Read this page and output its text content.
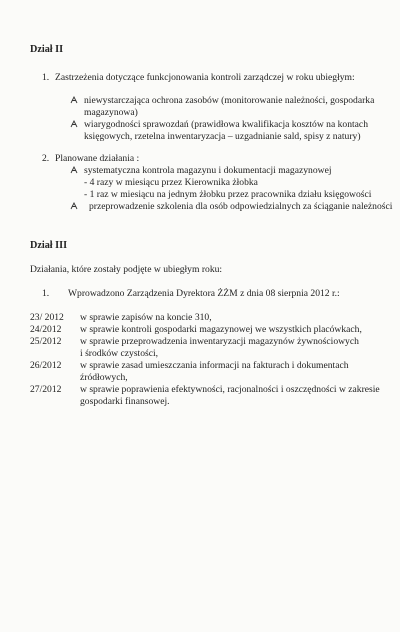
Dział II
1. Zastrzeżenia dotyczące funkcjonowania kontroli zarządczej w roku ubiegłym:
niewystarczająca ochrona zasobów (monitorowanie należności, gospodarka
magazynowa)
wiarygodności sprawozdań (prawidłowa kwalifikacja kosztów na kontach
księgowych, rzetelna inwentaryzacja – uzgadnianie sald, spisy z natury)
2. Planowane działania :
systematyczna kontrola magazynu i dokumentacji magazynowej
- 4 razy w miesiącu przez Kierownika żłobka
- 1 raz w miesiącu na jednym żłobku przez pracownika działu księgowości
przeprowadzenie szkolenia dla osób odpowiedzialnych za ściąganie należności
Dział III
Działania, które zostały podjęte w ubiegłym roku:
1. Wprowadzono Zarządzenia Dyrektora ŻŻM z dnia 08 sierpnia 2012 r.:
23/ 2012 w sprawie zapisów na koncie 310,
24/2012 w sprawie kontroli gospodarki magazynowej we wszystkich placówkach,
25/2012 w sprawie przeprowadzenia inwentaryzacji magazynów żywnościowych
i środków czystości,
26/2012 w sprawie zasad umieszczania informacji na fakturach i dokumentach
źródłowych,
27/2012 w sprawie poprawienia efektywności, racjonalności i oszczędności w zakresie
gospodarki finansowej.
